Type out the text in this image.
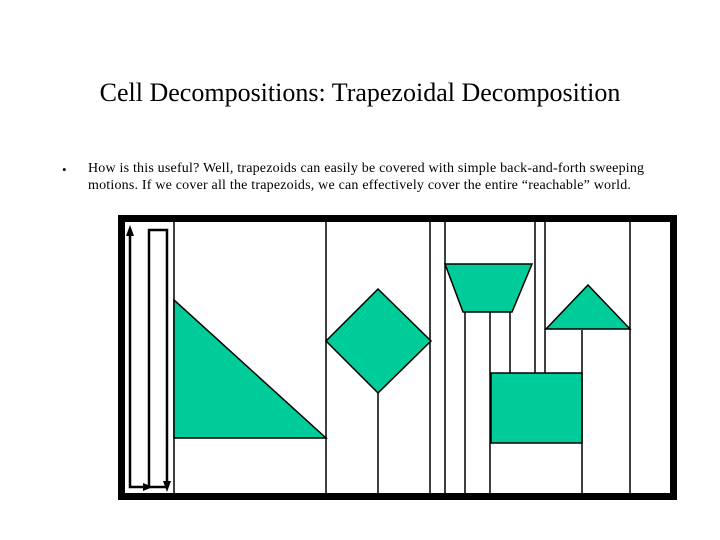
Cell Decompositions: Trapezoidal Decomposition
• How is this useful? Well, trapezoids can easily be covered with simple back-and-forth sweeping motions. If we cover all the trapezoids, we can effectively cover the entire “reachable” world.
